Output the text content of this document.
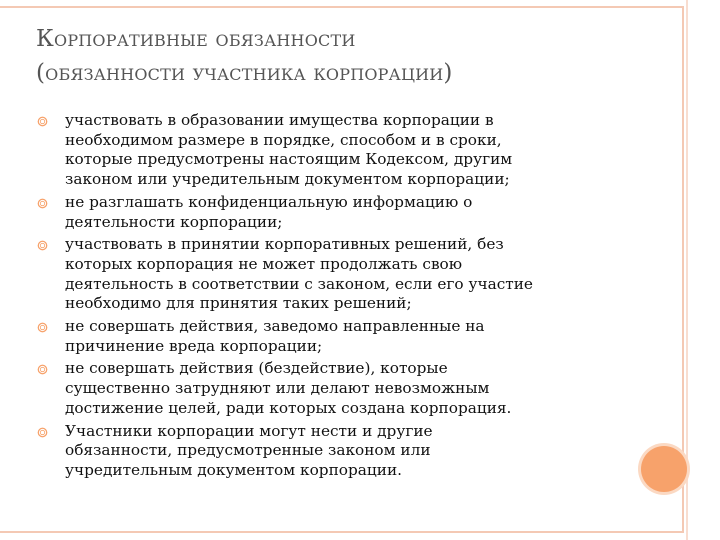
Корпоративные обязанности
(обязанности участника корпорации)
участвовать в образовании имущества корпорации в
необходимом размере в порядке, способом и в сроки,
которые предусмотрены настоящим Кодексом, другим
законом или учредительным документом корпорации;
не разглашать конфиденциальную информацию о
деятельности корпорации;
участвовать в принятии корпоративных решений, без
которых корпорация не может продолжать свою
деятельность в соответствии с законом, если его участие
необходимо для принятия таких решений;
не совершать действия, заведомо направленные на
причинение вреда корпорации;
не совершать действия (бездействие), которые
существенно затрудняют или делают невозможным
достижение целей, ради которых создана корпорация.
Участники корпорации могут нести и другие
обязанности, предусмотренные законом или
учредительным документом корпорации.
